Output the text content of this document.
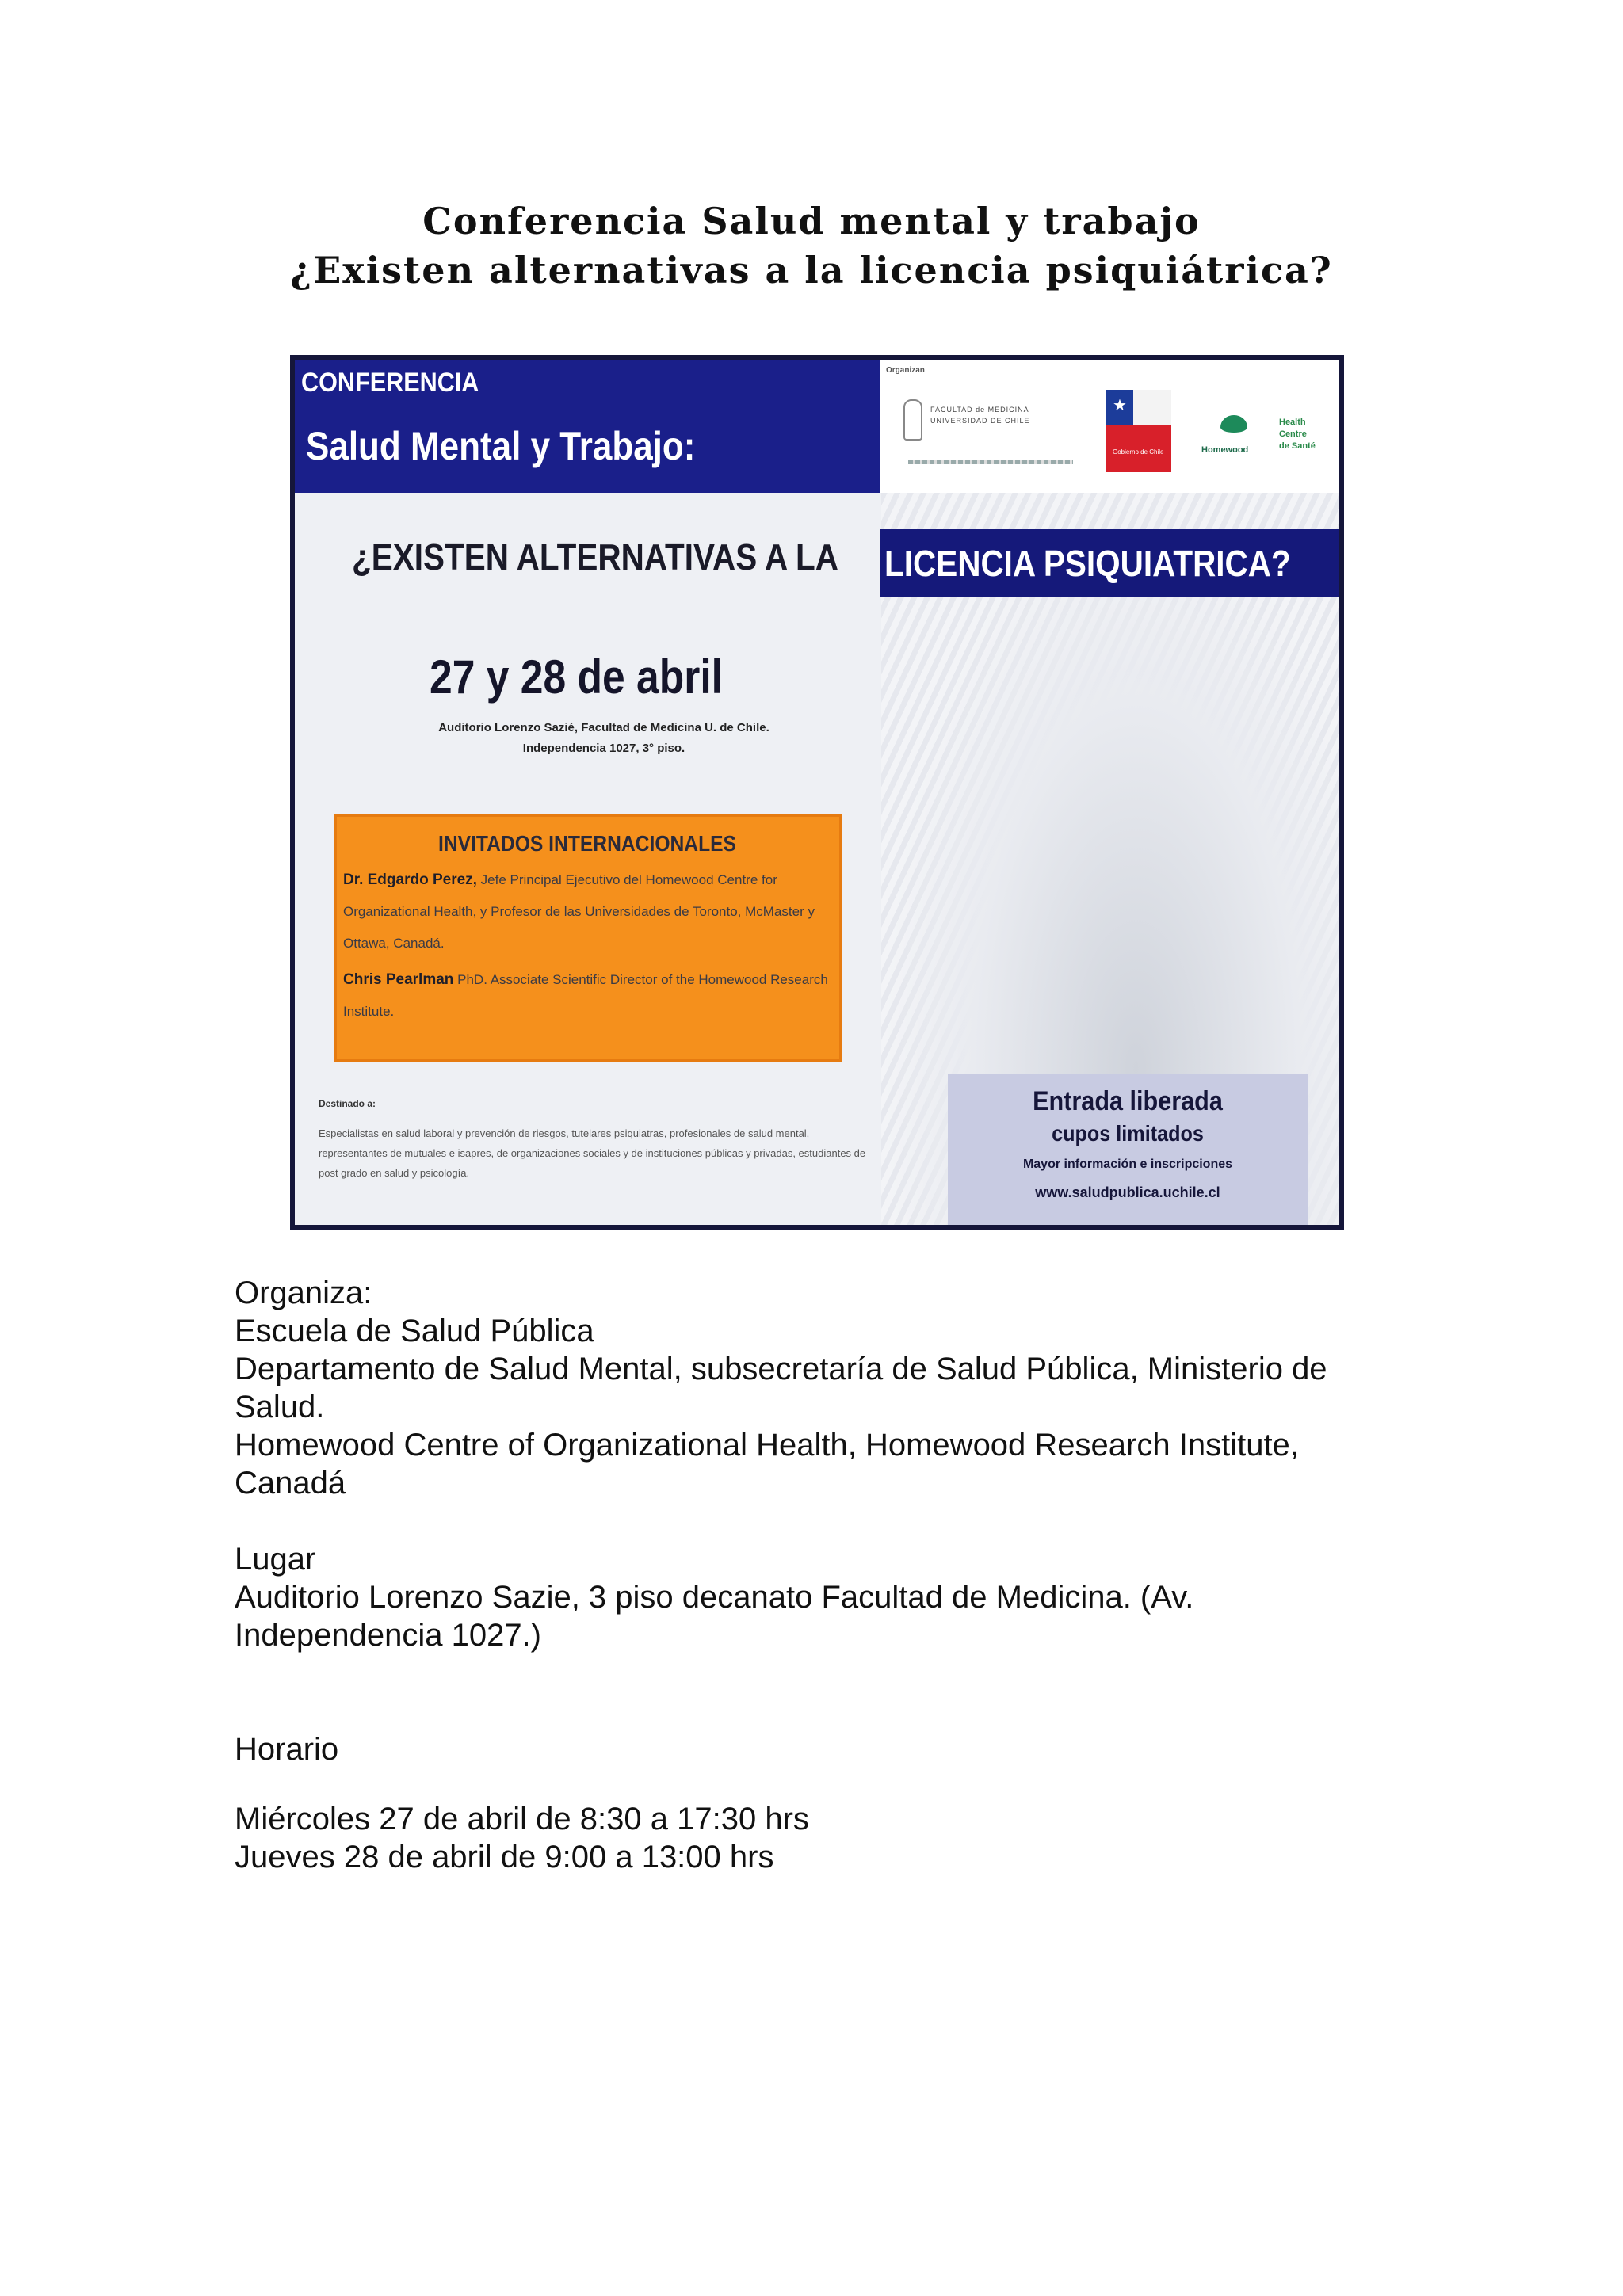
Conferencia Salud mental y trabajo
¿Existen alternativas a la licencia psiquiátrica?
CONFERENCIA
Salud Mental y Trabajo:
Organizan
FACULTAD de MEDICINA
UNIVERSIDAD DE CHILE
★
Gobierno de Chile	Homewood
Health
Centre
de Santé
¿EXISTEN ALTERNATIVAS A LA LICENCIA PSIQUIATRICA?
27 y 28 de abril
Auditorio Lorenzo Sazié, Facultad de Medicina U. de Chile.
Independencia 1027, 3° piso.
INVITADOS INTERNACIONALES
Dr. Edgardo Perez, Jefe Principal Ejecutivo del Homewood Centre for Organizational Health, y Profesor de las Universidades de Toronto, McMaster y Ottawa, Canadá.
Chris Pearlman PhD. Associate Scientific Director of the Homewood Research Institute.
Destinado a:
Especialistas en salud laboral y prevención de riesgos, tutelares psiquiatras, profesionales de salud mental, representantes de mutuales e isapres, de organizaciones sociales y de instituciones públicas y privadas, estudiantes de post grado en salud y psicología.
Entrada liberada
cupos limitados
Mayor información e inscripciones
www.saludpublica.uchile.cl
Organiza:
Escuela de Salud Pública
Departamento de Salud Mental, subsecretaría de Salud Pública, Ministerio de
Salud.
Homewood Centre of Organizational Health, Homewood Research Institute,
Canadá
Lugar
Auditorio Lorenzo Sazie, 3 piso decanato Facultad de Medicina. (Av.
Independencia 1027.)
Horario
Miércoles 27 de abril de 8:30 a 17:30 hrs
Jueves 28 de abril de 9:00 a 13:00 hrs
